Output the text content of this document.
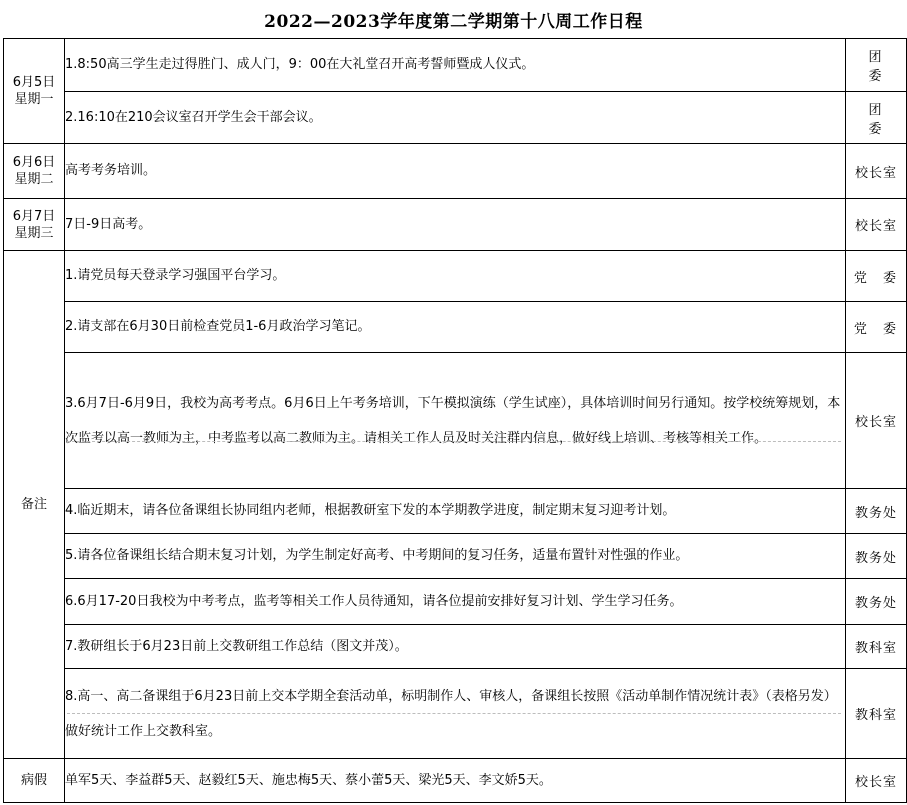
2022—2023学年度第二学期第十八周工作日程
6月5日
星期一	1.8:50高三学生走过得胜门、成人门，9：00在大礼堂召开高考誓师暨成人仪式。	团 委
	2.16:10在210会议室召开学生会干部会议。	团 委

6月6日
星期二	高考考务培训。	校长室

6月7日
星期三	7日-9日高考。	校长室
备注	1.请党员每天登录学习强国平台学习。	党 委
	2.请支部在6月30日前检查党员1-6月政治学习笔记。	党 委
	3.6月7日-6月9日，我校为高考考点。6月6日上午考务培训，下午模拟演练（学生试座），具体培训时间另行通知。按学校统筹规划，本次监考以高一教师为主，中考监考以高二教师为主。请相关工作人员及时关注群内信息，做好线上培训、考核等相关工作。	校长室
	4.临近期末，请各位备课组长协同组内老师，根据教研室下发的本学期教学进度，制定期末复习迎考计划。	教务处
	5.请各位备课组长结合期末复习计划，为学生制定好高考、中考期间的复习任务，适量布置针对性强的作业。	教务处
	6.6月17-20日我校为中考考点，监考等相关工作人员待通知，请各位提前安排好复习计划、学生学习任务。	教务处
	7.教研组长于6月23日前上交教研组工作总结（图文并茂）。	教科室
	8.高一、高二备课组于6月23日前上交本学期全套活动单，标明制作人、审核人，备课组长按照《活动单制作情况统计表》（表格另发）做好统计工作上交教科室。	教科室
病假	单军5天、李益群5天、赵毅红5天、施忠梅5天、蔡小蕾5天、梁光5天、李文娇5天。	校长室
